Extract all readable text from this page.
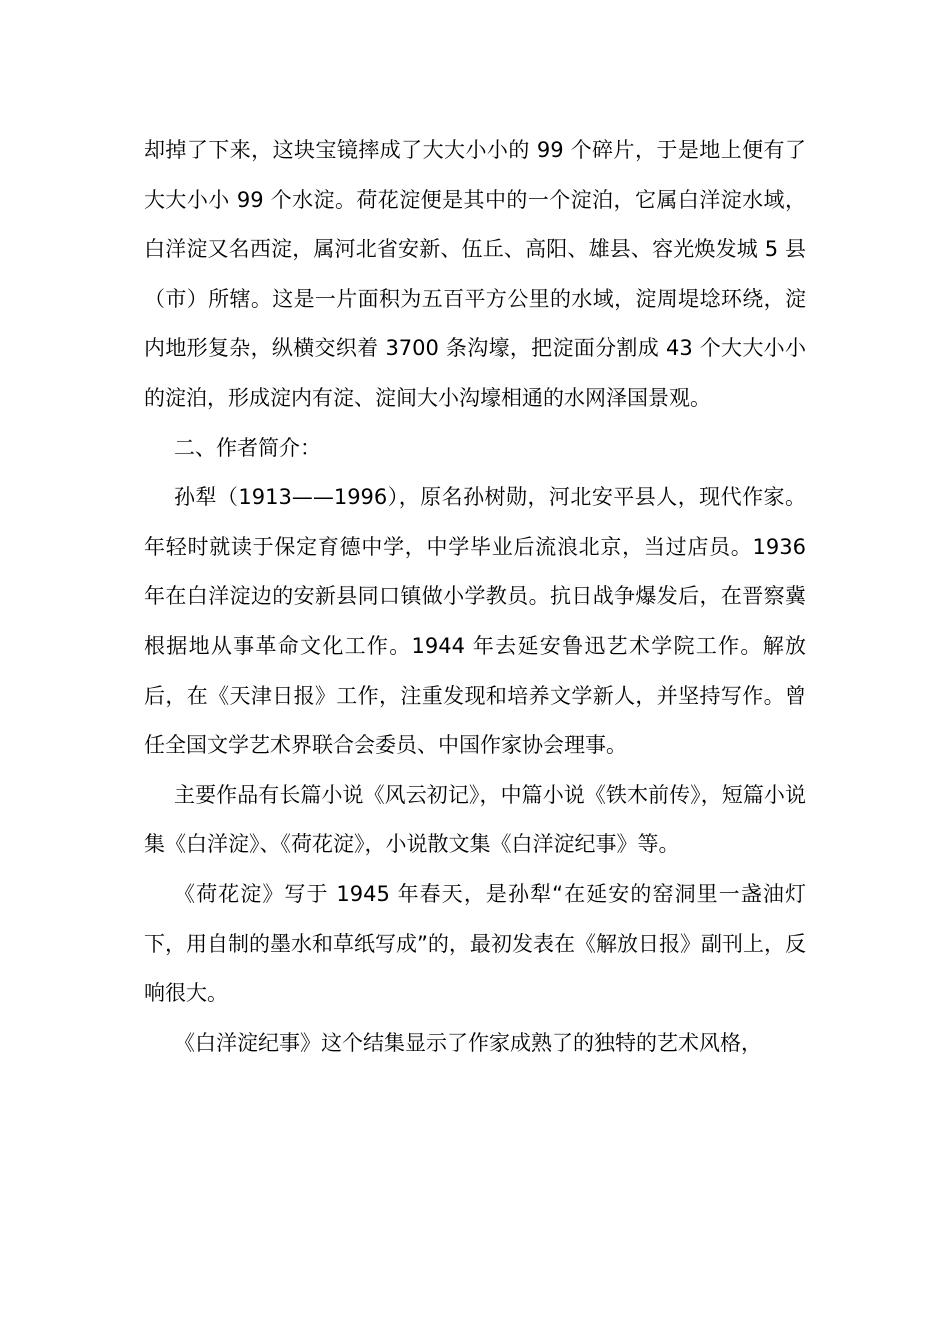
却掉了下来，这块宝镜摔成了大大小小的 99 个碎片，于是地上便有了大大小小 99 个水淀。荷花淀便是其中的一个淀泊，它属白洋淀水域，白洋淀又名西淀，属河北省安新、伍丘、高阳、雄县、容光焕发城 5 县（市）所辖。这是一片面积为五百平方公里的水域，淀周堤埝环绕，淀内地形复杂，纵横交织着 3700 条沟壕，把淀面分割成 43 个大大小小的淀泊，形成淀内有淀、淀间大小沟壕相通的水网泽国景观。

二、作者简介：

孙犁（1913——1996），原名孙树勋，河北安平县人，现代作家。年轻时就读于保定育德中学，中学毕业后流浪北京，当过店员。1936 年在白洋淀边的安新县同口镇做小学教员。抗日战争爆发后，在晋察冀根据地从事革命文化工作。1944 年去延安鲁迅艺术学院工作。解放后，在《天津日报》工作，注重发现和培养文学新人，并坚持写作。曾任全国文学艺术界联合会委员、中国作家协会理事。

主要作品有长篇小说《风云初记》，中篇小说《铁木前传》，短篇小说集《白洋淀》、《荷花淀》，小说散文集《白洋淀纪事》等。

《荷花淀》写于 1945 年春天，是孙犁“在延安的窑洞里一盏油灯下，用自制的墨水和草纸写成”的，最初发表在《解放日报》副刊上，反响很大。

《白洋淀纪事》这个结集显示了作家成熟了的独特的艺术风格，
